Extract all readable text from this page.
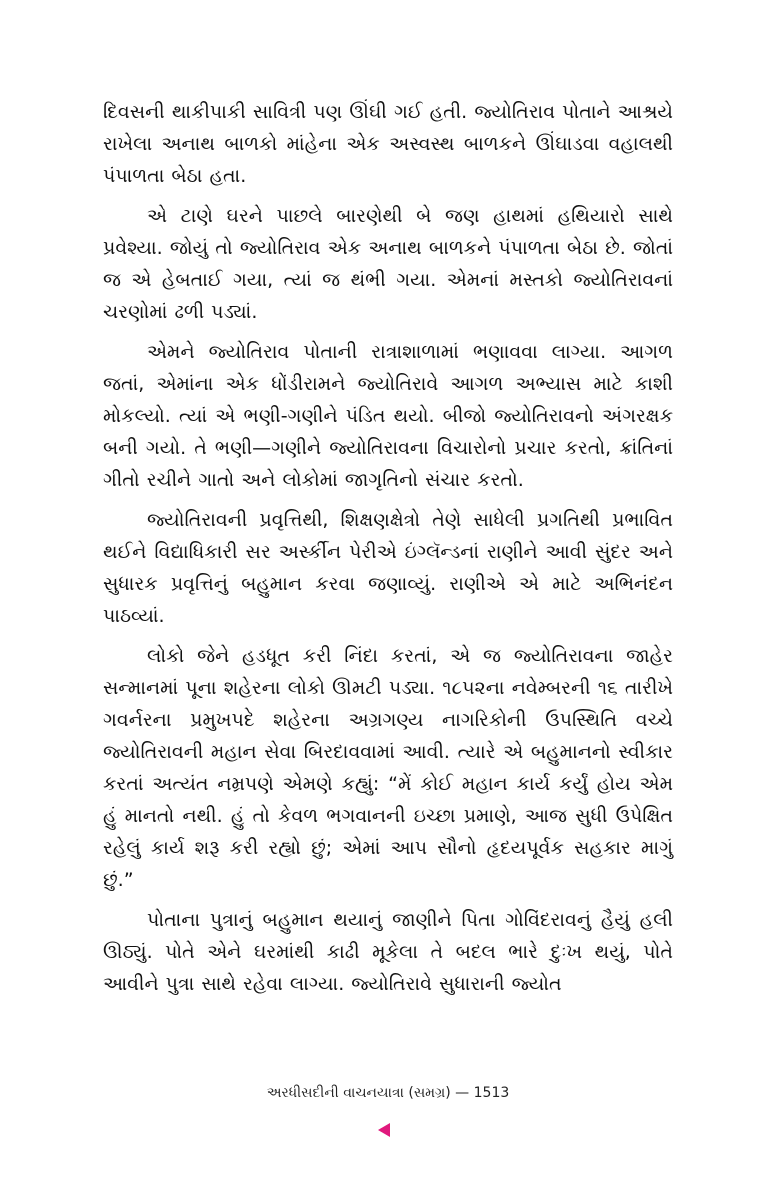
દિવસની થાકીપાકી સાવિત્રી પણ ઊંઘી ગઈ હતી. જ્યોતિરાવ પોતાને આશ્રયે રાખેલા અનાથ બાળકો માંહેના એક અસ્વસ્થ બાળકને ઊંઘાડવા વહાલથી પંપાળતા બેઠા હતા.

એ ટાણે ઘરને પાછલે બારણેથી બે જણ હાથમાં હથિયારો સાથે પ્રવેશ્યા. જોયું તો જ્યોતિરાવ એક અનાથ બાળકને પંપાળતા બેઠા છે. જોતાં જ એ હેબતાઈ ગયા, ત્યાં જ થંભી ગયા. એમનાં મસ્તકો જ્યોતિરાવનાં ચરણોમાં ઢળી પડ્યાં.

એમને જ્યોતિરાવ પોતાની રાત્રાશાળામાં ભણાવવા લાગ્યા. આગળ જતાં, એમાંના એક ધોંડીરામને જ્યોતિરાવે આગળ અભ્યાસ માટે કાશી મોકલ્યો. ત્યાં એ ભણી-ગણીને પંડિત થયો. બીજો જ્યોતિરાવનો અંગરક્ષક બની ગયો. તે ભણી—ગણીને જ્યોતિરાવના વિચારોનો પ્રચાર કરતો, ક્રાંતિનાં ગીતો રચીને ગાતો અને લોકોમાં જાગૃતિનો સંચાર કરતો.

જ્યોતિરાવની પ્રવૃત્તિથી, શિક્ષણક્ષેત્રો તેણે સાધેલી પ્રગતિથી પ્રભાવિત થઈને વિદ્યાધિકારી સર અર્સ્કીન પેરીએ ઇંગ્લૅન્ડનાં રાણીને આવી સુંદર અને સુધારક પ્રવૃત્તિનું બહુમાન કરવા જણાવ્યું. રાણીએ એ માટે અભિનંદન પાઠવ્યાં.

લોકો જેને હડધૂત કરી નિંદા કરતાં, એ જ જ્યોતિરાવના જાહેર સન્માનમાં પૂના શહેરના લોકો ઊમટી પડ્યા. ૧૮૫૨ના નવેમ્બરની ૧૬ તારીખે ગવર્નરના પ્રમુખપદે શહેરના અગ્રગણ્ય નાગરિકોની ઉપસ્થિતિ વચ્ચે જ્યોતિરાવની મહાન સેવા બિરદાવવામાં આવી. ત્યારે એ બહુમાનનો સ્વીકાર કરતાં અત્યંત નમ્રપણે એમણે કહ્યું: “મેં કોઈ મહાન કાર્ય કર્યું હોય એમ હું માનતો નથી. હું તો કેવળ ભગવાનની ઇચ્છા પ્રમાણે, આજ સુધી ઉપેક્ષિત રહેલું કાર્ય શરૂ કરી રહ્યો છું; એમાં આપ સૌનો હૃદયપૂર્વક સહકાર માગું છું.”

પોતાના પુત્રાનું બહુમાન થયાનું જાણીને પિતા ગોવિંદરાવનું હૈયું હલી ઊઠ્યું. પોતે એને ઘરમાંથી કાઢી મૂકેલા તે બદલ ભારે દુઃખ થયું, પોતે આવીને પુત્રા સાથે રહેવા લાગ્યા. જ્યોતિરાવે સુધારાની જ્યોત

અરધીસદીની વાચનયાત્રા (સમગ્ર) — 1513
